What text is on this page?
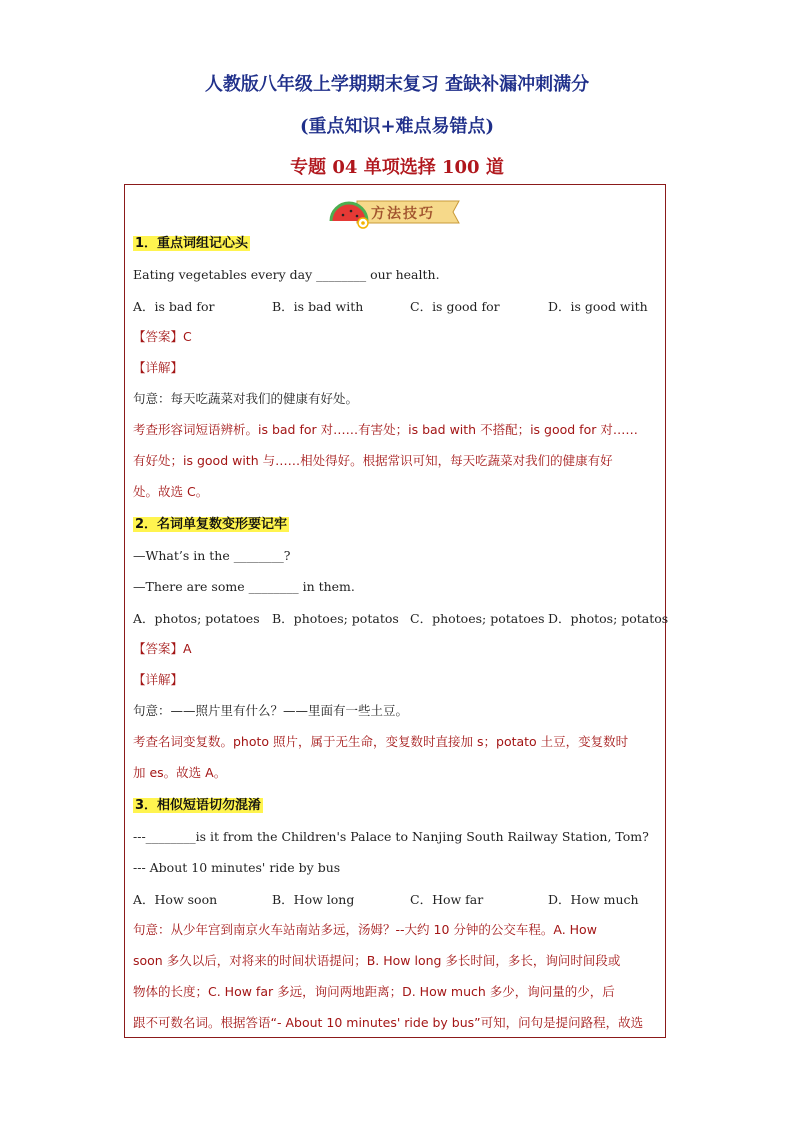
人教版八年级上学期期末复习 查缺补漏冲刺满分
(重点知识+难点易错点)
专题 04 单项选择 100 道
方法技巧
1．重点词组记心头
Eating vegetables every day ________ our health.
A．is bad for	B．is bad with	C．is good for	D．is good with
【答案】C
【详解】
句意：每天吃蔬菜对我们的健康有好处。
考查形容词短语辨析。is bad for 对……有害处；is bad with 不搭配；is good for 对……
有好处；is good with 与……相处得好。根据常识可知，每天吃蔬菜对我们的健康有好
处。故选 C。
2．名词单复数变形要记牢
—What’s in the ________?
—There are some ________ in them.
A．photos; potatoes B．photoes; potatos C．photoes; potatoes D．photos; potatos
【答案】A
【详解】
句意：——照片里有什么？——里面有一些土豆。
考查名词变复数。photo 照片，属于无生命，变复数时直接加 s；potato 土豆，变复数时
加 es。故选 A。
3．相似短语切勿混淆
---________is it from the Children's Palace to Nanjing South Railway Station, Tom?
--- About 10 minutes' ride by bus
A．How soon	B．How long	C．How far	D．How much
句意：从少年宫到南京火车站南站多远，汤姆？--大约 10 分钟的公交车程。A. How
soon 多久以后，对将来的时间状语提问；B. How long 多长时间，多长，询问时间段或
物体的长度；C. How far 多远，询问两地距离；D. How much 多少，询问量的少，后
跟不可数名词。根据答语“- About 10 minutes' ride by bus”可知，问句是提问路程，故选
